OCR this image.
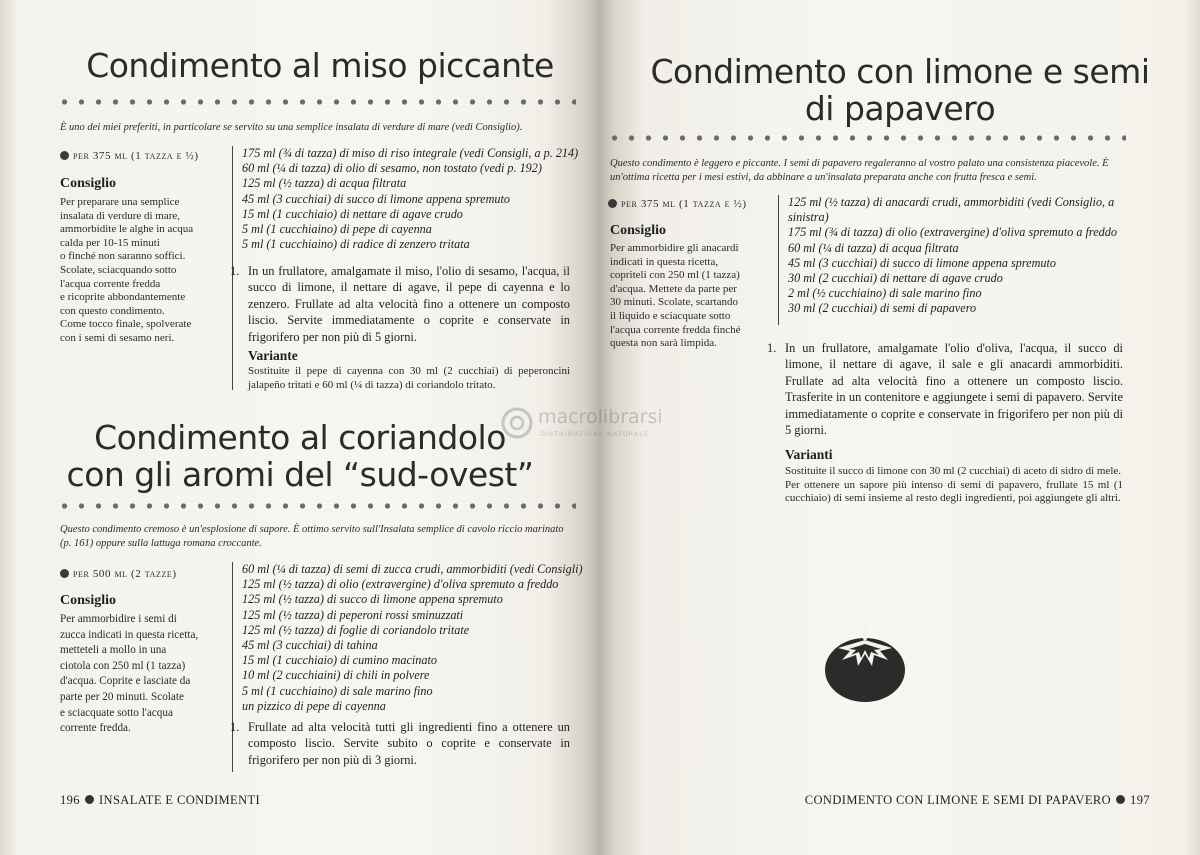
Condimento al miso piccante

È uno dei miei preferiti, in particolare se servito su una semplice insalata di verdure di mare (vedi Consiglio).

per 375 ml (1 tazza e ½)
Consiglio
Per preparare una semplice
insalata di verdure di mare,
ammorbidite le alghe in acqua
calda per 10-15 minuti
o finché non saranno soffici.
Scolate, sciacquando sotto
l'acqua corrente fredda
e ricoprite abbondantemente
con questo condimento.
Come tocco finale, spolverate
con i semi di sesamo neri.
175 ml (¾ di tazza) di miso di riso integrale (vedi Consigli, a p. 214)
60 ml (¼ di tazza) di olio di sesamo, non tostato (vedi p. 192)
125 ml (½ tazza) di acqua filtrata
45 ml (3 cucchiai) di succo di limone appena spremuto
15 ml (1 cucchiaio) di nettare di agave crudo
5 ml (1 cucchiaino) di pepe di cayenna
5 ml (1 cucchiaino) di radice di zenzero tritata
1. In un frullatore, amalgamate il miso, l'olio di sesamo, l'acqua, il succo di limone, il nettare di agave, il pepe di cayenna e lo zenzero. Frullate ad alta velocità fino a ottenere un composto liscio. Servite immediatamente o coprite e conservate in frigorifero per non più di 5 giorni.
Variante
Sostituite il pepe di cayenna con 30 ml (2 cucchiai) di peperoncini jalapeño tritati e 60 ml (¼ di tazza) di coriandolo tritato.
Condimento al coriandolo
con gli aromi del “sud-ovest”

Questo condimento cremoso è un'esplosione di sapore. È ottimo servito sull'Insalata semplice di cavolo riccio marinato (p. 161) oppure sulla lattuga romana croccante.

per 500 ml (2 tazze)
Consiglio
Per ammorbidire i semi di
zucca indicati in questa ricetta,
metteteli a mollo in una
ciotola con 250 ml (1 tazza)
d'acqua. Coprite e lasciate da
parte per 20 minuti. Scolate
e sciacquate sotto l'acqua
corrente fredda.
60 ml (¼ di tazza) di semi di zucca crudi, ammorbiditi (vedi Consigli)
125 ml (½ tazza) di olio (extravergine) d'oliva spremuto a freddo
125 ml (½ tazza) di succo di limone appena spremuto
125 ml (½ tazza) di peperoni rossi sminuzzati
125 ml (½ tazza) di foglie di coriandolo tritate
45 ml (3 cucchiai) di tahina
15 ml (1 cucchiaio) di cumino macinato
10 ml (2 cucchiaini) di chili in polvere
5 ml (1 cucchiaino) di sale marino fino
un pizzico di pepe di cayenna
1. Frullate ad alta velocità tutti gli ingredienti fino a ottenere un composto liscio. Servite subito o coprite e conservate in frigorifero per non più di 3 giorni.
196 INSALATE E CONDIMENTI
Condimento con limone e semi
di papavero

Questo condimento è leggero e piccante. I semi di papavero regaleranno al vostro palato una consistenza piacevole. È un'ottima ricetta per i mesi estivi, da abbinare a un'insalata preparata anche con frutta fresca e semi.

per 375 ml (1 tazza e ½)
Consiglio
Per ammorbidire gli anacardi
indicati in questa ricetta,
copriteli con 250 ml (1 tazza)
d'acqua. Mettete da parte per
30 minuti. Scolate, scartando
il liquido e sciacquate sotto
l'acqua corrente fredda finché
questa non sarà limpida.
125 ml (½ tazza) di anacardi crudi, ammorbiditi (vedi Consiglio, a sinistra)
175 ml (¾ di tazza) di olio (extravergine) d'oliva spremuto a freddo
60 ml (¼ di tazza) di acqua filtrata
45 ml (3 cucchiai) di succo di limone appena spremuto
30 ml (2 cucchiai) di nettare di agave crudo
2 ml (½ cucchiaino) di sale marino fino
30 ml (2 cucchiai) di semi di papavero
1. In un frullatore, amalgamate l'olio d'oliva, l'acqua, il succo di limone, il nettare di agave, il sale e gli anacardi ammorbiditi. Frullate ad alta velocità fino a ottenere un composto liscio. Trasferite in un contenitore e aggiungete i semi di papavero. Servite immediatamente o coprite e conservate in frigorifero per non più di 5 giorni.
Varianti
Sostituite il succo di limone con 30 ml (2 cucchiai) di aceto di sidro di mele.
Per ottenere un sapore più intenso di semi di papavero, frullate 15 ml (1 cucchiaio) di semi insieme al resto degli ingredienti, poi aggiungete gli altri.
CONDIMENTO CON LIMONE E SEMI DI PAPAVERO 197
macrolibrarsi
DISTRIBUZIONE NATURALE
